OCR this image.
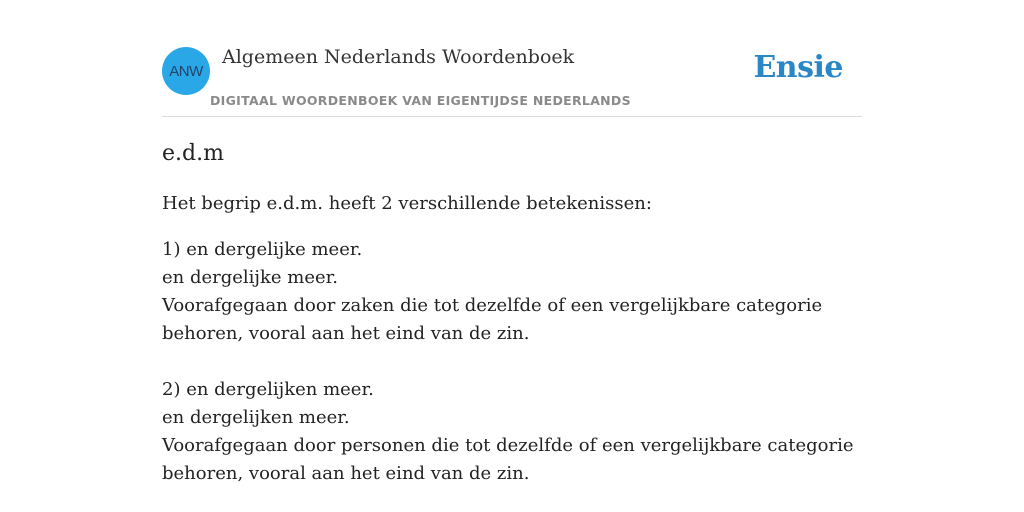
ANW
Algemeen Nederlands Woordenboek
DIGITAAL WOORDENBOEK VAN EIGENTIJDSE NEDERLANDS
Ensie
e.d.m

Het begrip e.d.m. heeft 2 verschillende betekenissen:

1) en dergelijke meer.
en dergelijke meer.
Voorafgegaan door zaken die tot dezelfde of een vergelijkbare categorie behoren, vooral aan het eind van de zin.
2) en dergelijken meer.
en dergelijken meer.
Voorafgegaan door personen die tot dezelfde of een vergelijkbare categorie behoren, vooral aan het eind van de zin.
